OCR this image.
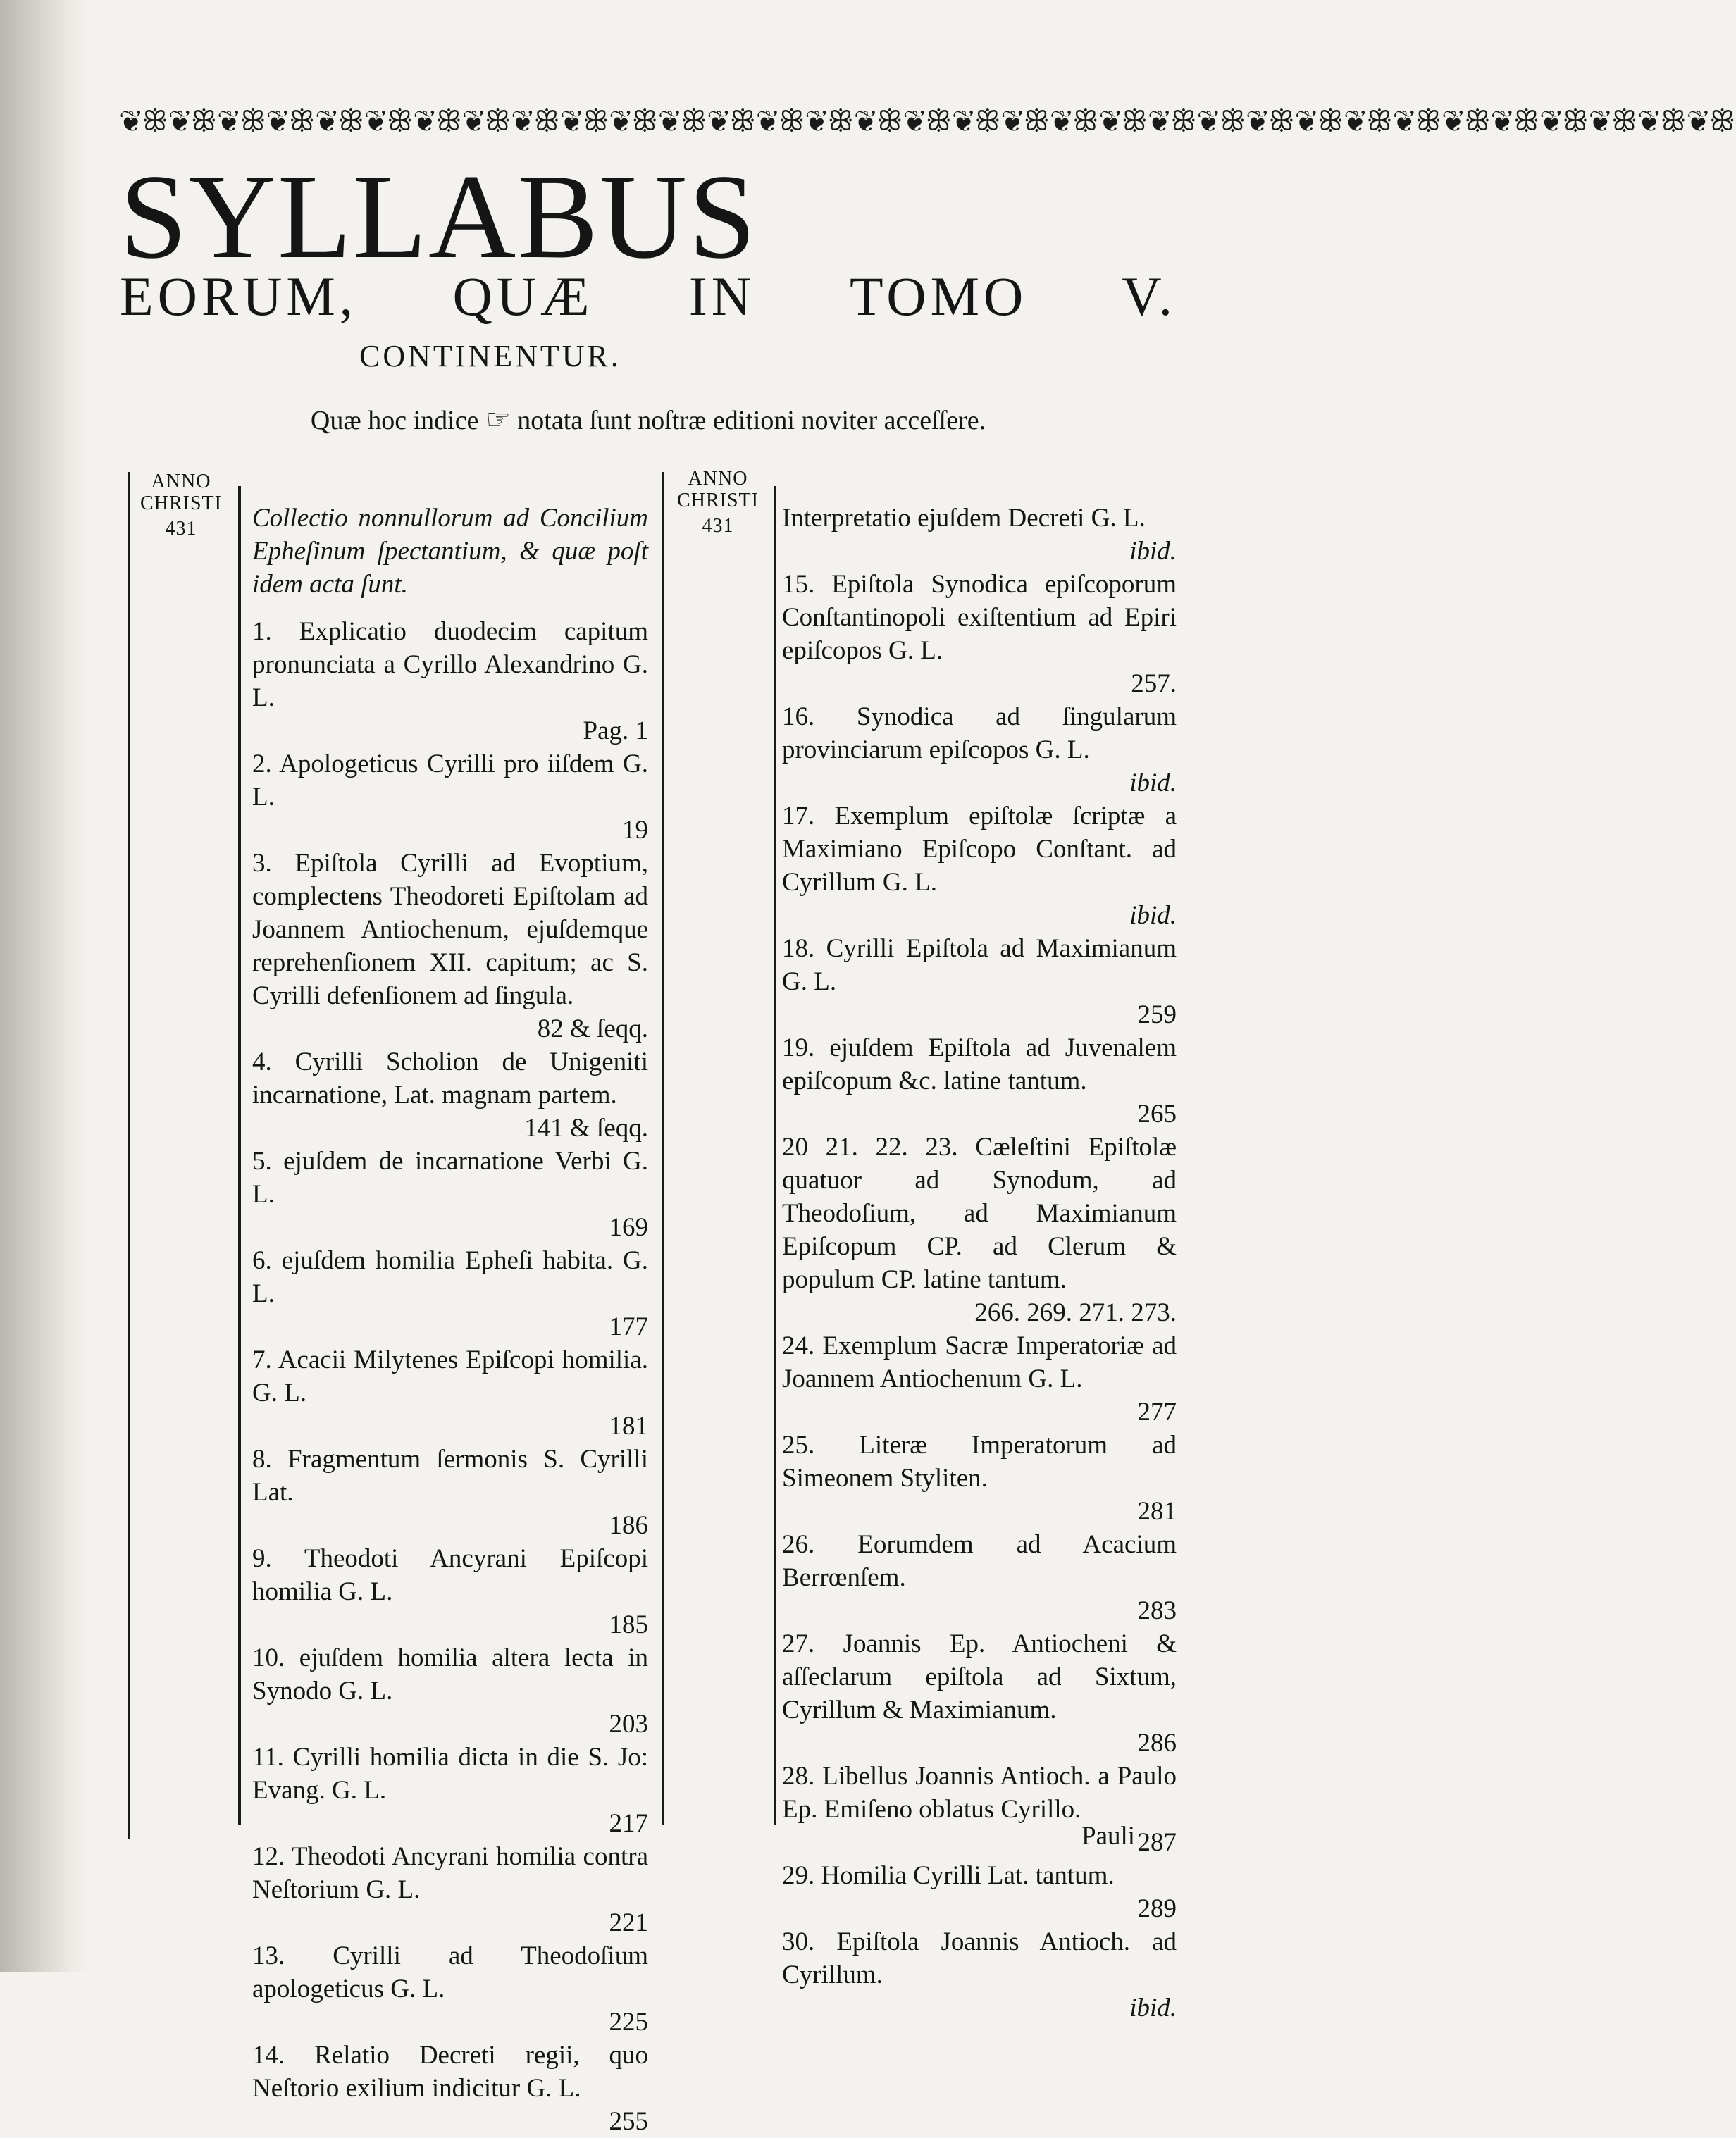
❦ꕥ❦ꕥ❦ꕥ❦ꕥ❦ꕥ❦ꕥ❦ꕥ❦ꕥ❦ꕥ❦ꕥ❦ꕥ❦ꕥ❦ꕥ❦ꕥ❦ꕥ❦ꕥ❦ꕥ❦ꕥ❦ꕥ❦ꕥ❦ꕥ❦ꕥ❦ꕥ❦ꕥ❦ꕥ❦ꕥ❦ꕥ❦ꕥ❦ꕥ❦ꕥ❦ꕥ❦ꕥ❦ꕥ
SYLLABUS
EORUM, QUÆ IN TOMO V.
CONTINENTUR.
Quæ hoc indice ☞ notata ſunt noſtræ editioni noviter acceſſere.
ANNO
CHRISTI
431
ANNO
CHRISTI
431
Collectio nonnullorum ad Concilium Epheſinum ſpectantium, & quæ poſt idem acta ſunt.
1. Explicatio duodecim capitum pronunciata a Cyrillo Alexandrino G. L.
Pag. 1
2. Apologeticus Cyrilli pro iiſdem G. L.
19
3. Epiſtola Cyrilli ad Evoptium, complectens Theodoreti Epiſtolam ad Joannem Antiochenum, ejuſdemque reprehenſionem XII. capitum; ac S. Cyrilli defenſionem ad ſingula.
82 & ſeqq.
4. Cyrilli Scholion de Unigeniti incarnatione, Lat. magnam partem.
141 & ſeqq.
5. ejuſdem de incarnatione Verbi G. L.
169
6. ejuſdem homilia Epheſi habita. G. L.
177
7. Acacii Milytenes Epiſcopi homilia. G. L.
181
8. Fragmentum ſermonis S. Cyrilli Lat.
186
9. Theodoti Ancyrani Epiſcopi homilia G. L.
185
10. ejuſdem homilia altera lecta in Synodo G. L.
203
11. Cyrilli homilia dicta in die S. Jo: Evang. G. L.
217
12. Theodoti Ancyrani homilia contra Neſtorium G. L.
221
13. Cyrilli ad Theodoſium apologeticus G. L.
225
14. Relatio Decreti regii, quo Neſtorio exilium indicitur G. L.
255
Interpretatio ejuſdem Decreti G. L.
ibid.
15. Epiſtola Synodica epiſcoporum Conſtantinopoli exiſtentium ad Epiri epiſcopos G. L.
257.
16. Synodica ad ſingularum provinciarum epiſcopos G. L.
ibid.
17. Exemplum epiſtolæ ſcriptæ a Maximiano Epiſcopo Conſtant. ad Cyrillum G. L.
ibid.
18. Cyrilli Epiſtola ad Maximianum G. L.
259
19. ejuſdem Epiſtola ad Juvenalem epiſcopum &c. latine tantum.
265
20 21. 22. 23. Cæleſtini Epiſtolæ quatuor ad Synodum, ad Theodoſium, ad Maximianum Epiſcopum CP. ad Clerum & populum CP. latine tantum.
266. 269. 271. 273.
24. Exemplum Sacræ Imperatoriæ ad Joannem Antiochenum G. L.
277
25. Literæ Imperatorum ad Simeonem Styliten.
281
26. Eorumdem ad Acacium Berrœnſem.
283
27. Joannis Ep. Antiocheni & aſſeclarum epiſtola ad Sixtum, Cyrillum & Maximianum.
286
28. Libellus Joannis Antioch. a Paulo Ep. Emiſeno oblatus Cyrillo.
287
29. Homilia Cyrilli Lat. tantum.
289
30. Epiſtola Joannis Antioch. ad Cyrillum.
ibid.
Pauli
